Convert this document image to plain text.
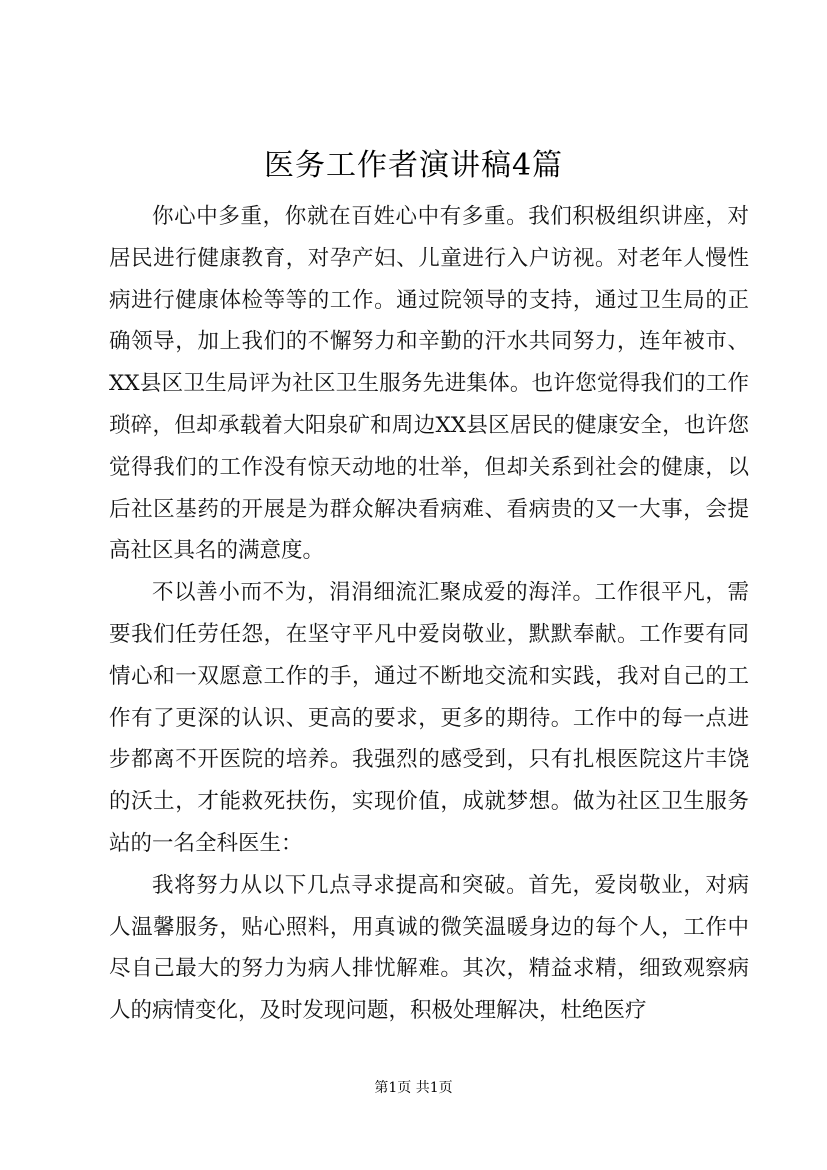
医务工作者演讲稿4篇

你心中多重，你就在百姓心中有多重。我们积极组织讲座，对居民进行健康教育，对孕产妇、儿童进行入户访视。对老年人慢性病进行健康体检等等的工作。通过院领导的支持，通过卫生局的正确领导，加上我们的不懈努力和辛勤的汗水共同努力，连年被市、XX县区卫生局评为社区卫生服务先进集体。也许您觉得我们的工作琐碎，但却承载着大阳泉矿和周边XX县区居民的健康安全，也许您觉得我们的工作没有惊天动地的壮举，但却关系到社会的健康，以后社区基药的开展是为群众解决看病难、看病贵的又一大事，会提高社区具名的满意度。

不以善小而不为，涓涓细流汇聚成爱的海洋。工作很平凡，需要我们任劳任怨，在坚守平凡中爱岗敬业，默默奉献。工作要有同情心和一双愿意工作的手，通过不断地交流和实践，我对自己的工作有了更深的认识、更高的要求，更多的期待。工作中的每一点进步都离不开医院的培养。我强烈的感受到，只有扎根医院这片丰饶的沃土，才能救死扶伤，实现价值，成就梦想。做为社区卫生服务站的一名全科医生：

我将努力从以下几点寻求提高和突破。首先，爱岗敬业，对病人温馨服务，贴心照料，用真诚的微笑温暖身边的每个人，工作中尽自己最大的努力为病人排忧解难。其次，精益求精，细致观察病人的病情变化，及时发现问题，积极处理解决，杜绝医疗

第1页 共1页
